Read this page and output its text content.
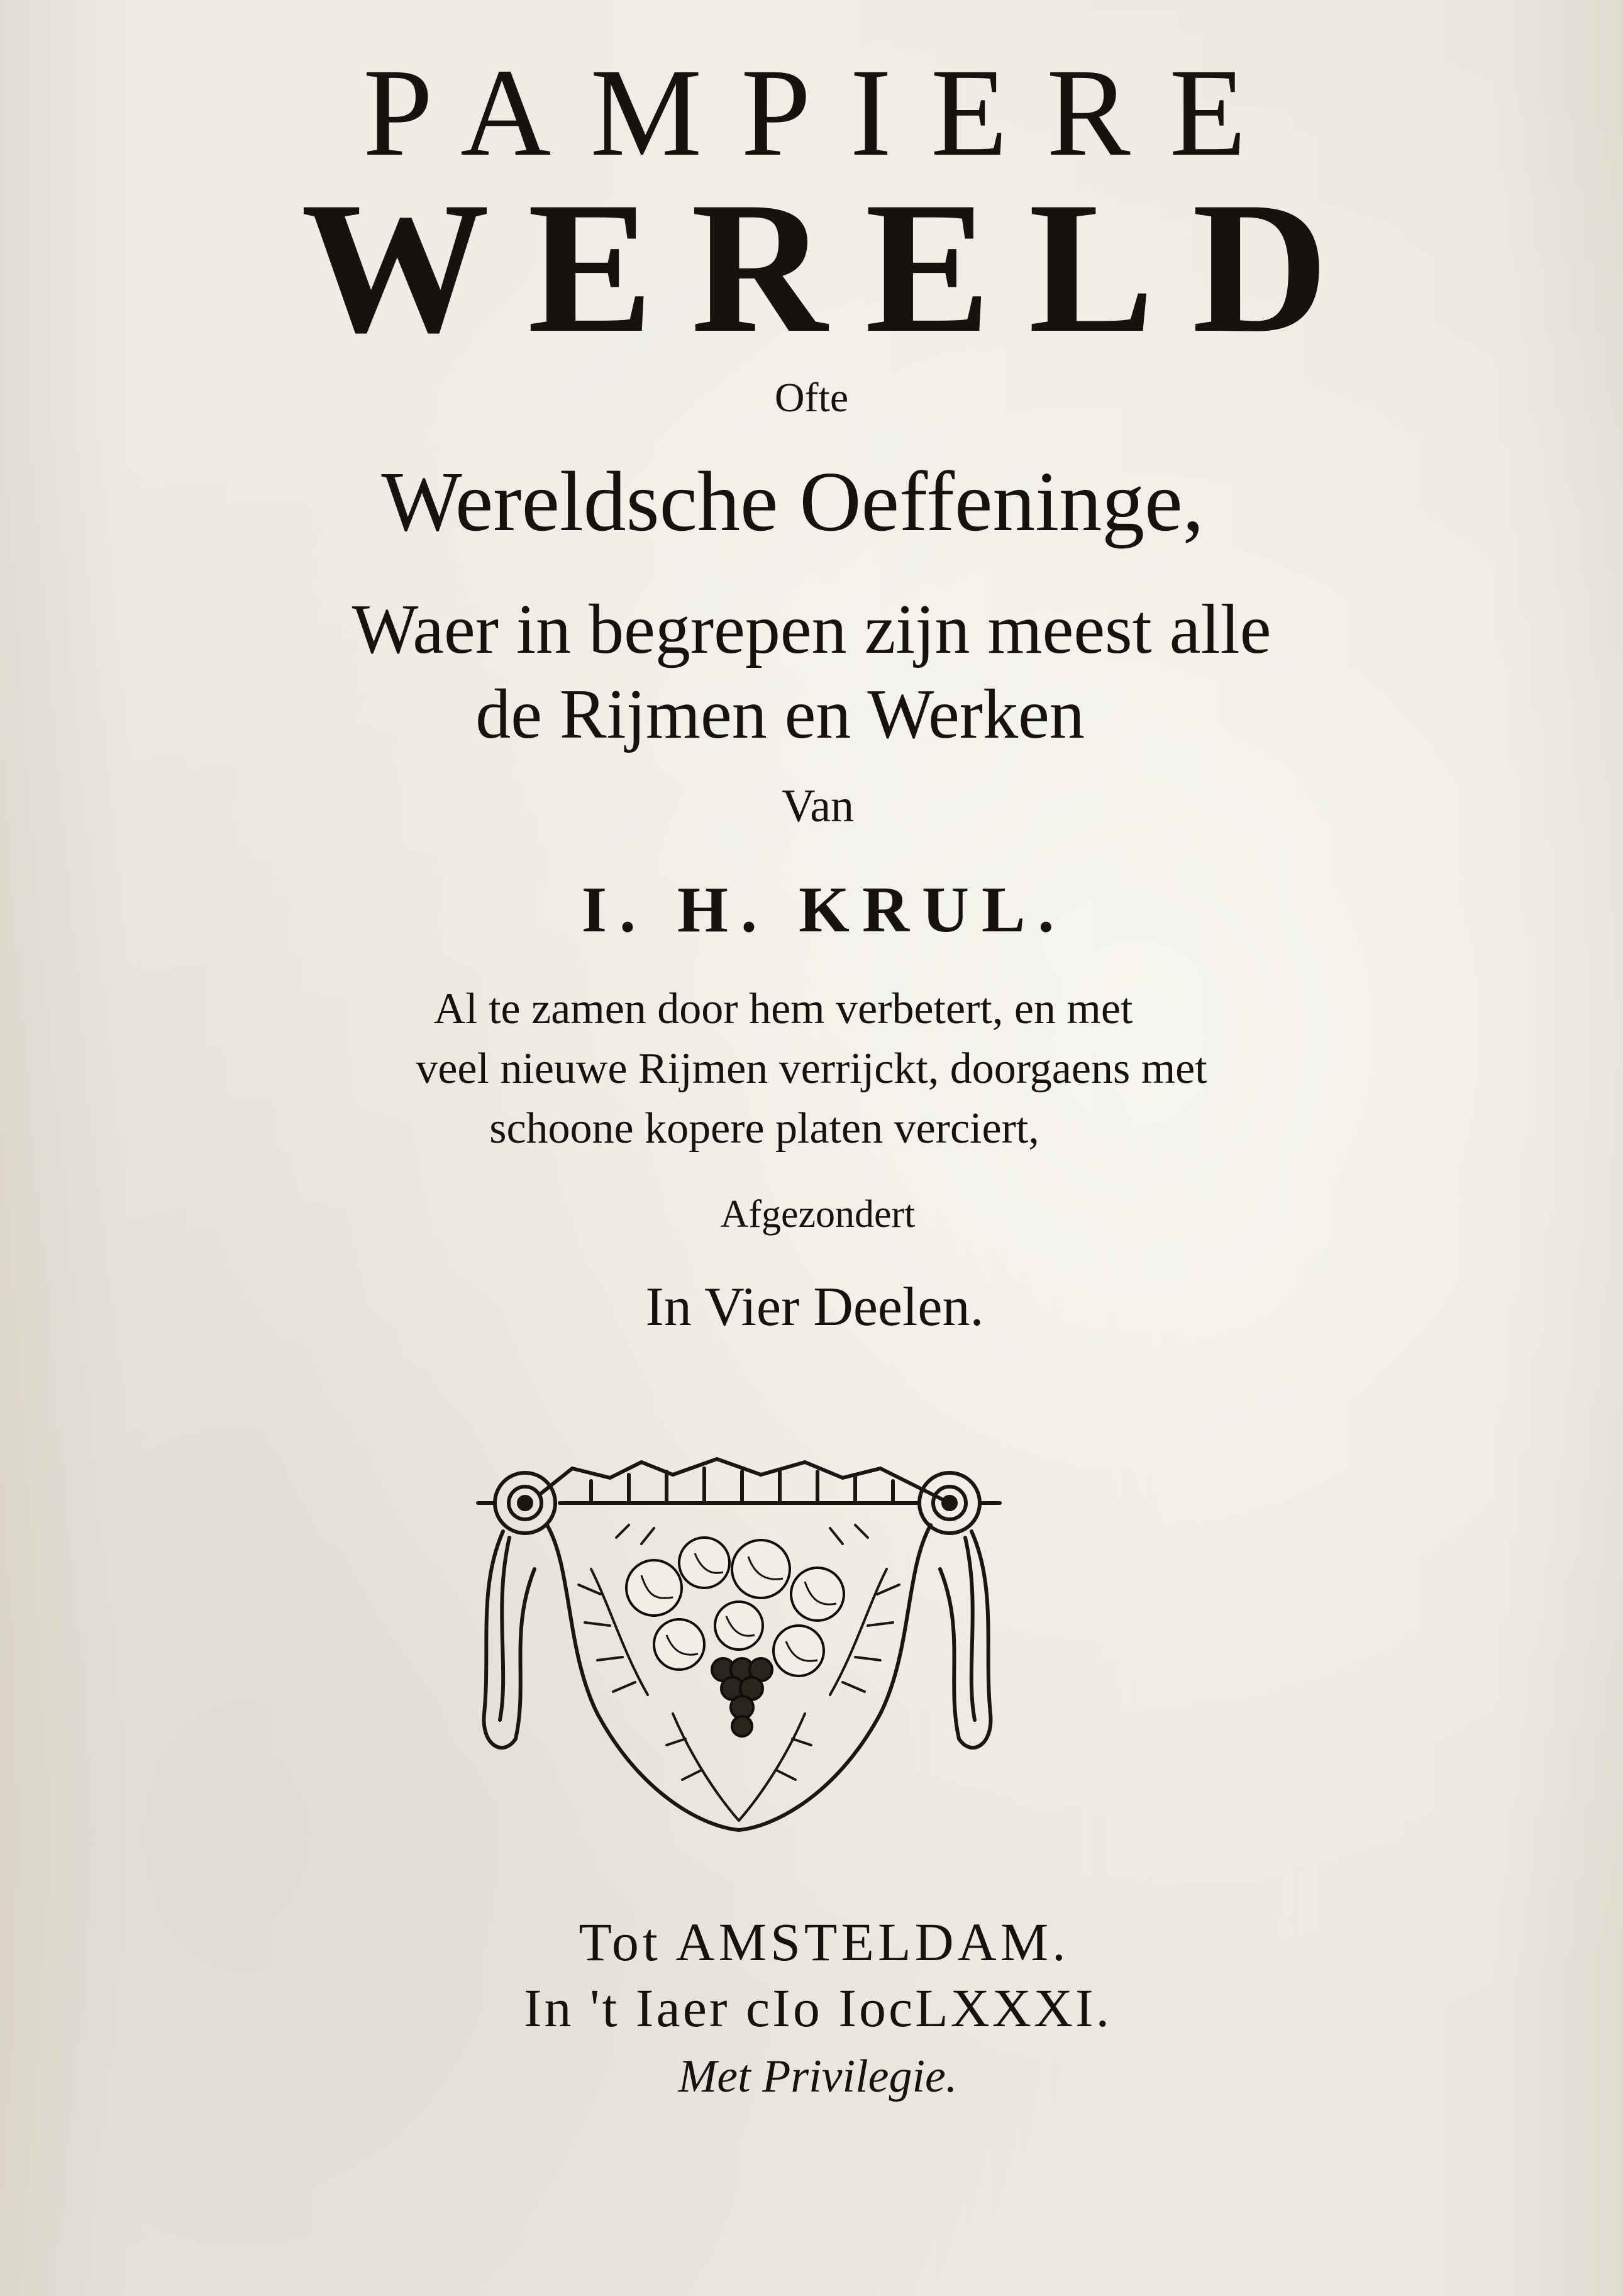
PAMPIERE
WERELD
Ofte
Wereldsche Oeffeninge,
Waer in begrepen zijn meest alle
de Rijmen en Werken
Van
I. H. KRUL.
Al te zamen door hem verbetert, en met
veel nieuwe Rijmen verrijckt, doorgaens met
schoone kopere platen verciert,
Afgezondert
In Vier Deelen.
Tot AMSTELDAM.
In 't Iaer cIo IocLXXXI.
Met Privilegie.
